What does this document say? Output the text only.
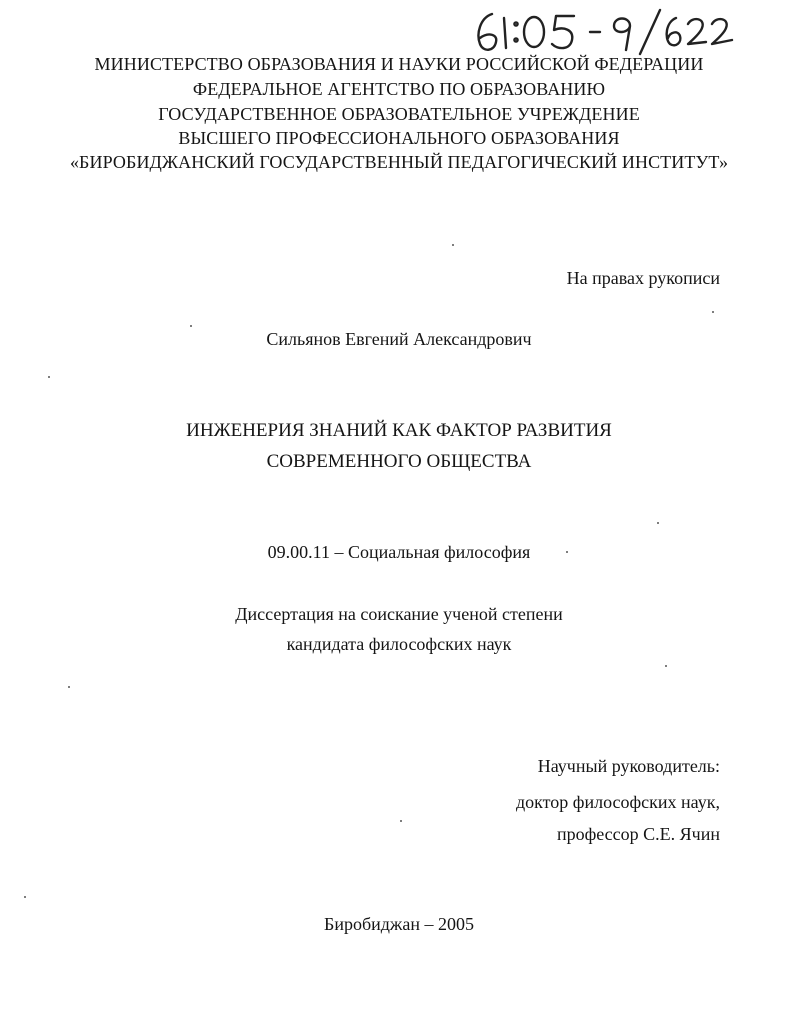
МИНИСТЕРСТВО ОБРАЗОВАНИЯ И НАУКИ РОССИЙСКОЙ ФЕДЕРАЦИИ
ФЕДЕРАЛЬНОЕ АГЕНТСТВО ПО ОБРАЗОВАНИЮ
ГОСУДАРСТВЕННОЕ ОБРАЗОВАТЕЛЬНОЕ УЧРЕЖДЕНИЕ
ВЫСШЕГО ПРОФЕССИОНАЛЬНОГО ОБРАЗОВАНИЯ
«БИРОБИДЖАНСКИЙ ГОСУДАРСТВЕННЫЙ ПЕДАГОГИЧЕСКИЙ ИНСТИТУТ»
На правах рукописи
Сильянов Евгений Александрович
ИНЖЕНЕРИЯ ЗНАНИЙ КАК ФАКТОР РАЗВИТИЯ
СОВРЕМЕННОГО ОБЩЕСТВА
09.00.11 – Социальная философия
Диссертация на соискание ученой степени
кандидата философских наук
Научный руководитель:
доктор философских наук,
профессор С.Е. Ячин
Биробиджан – 2005
